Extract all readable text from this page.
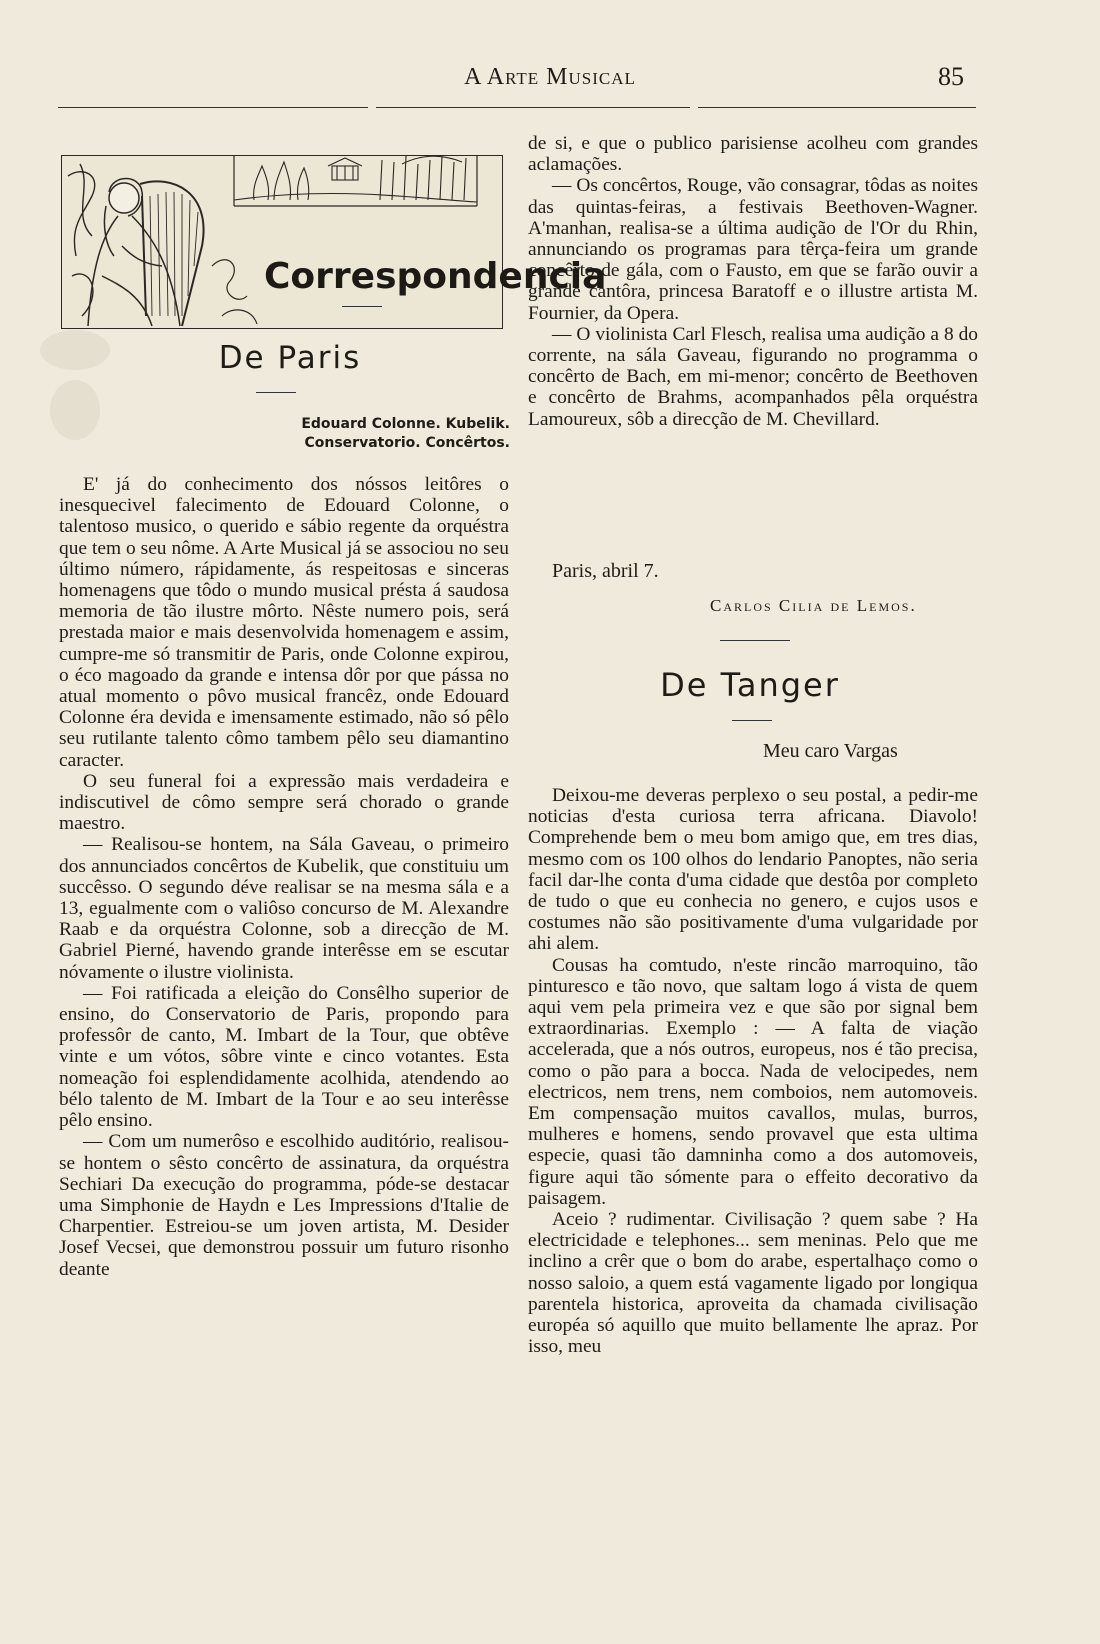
A Arte Musical	85
Correspondencia
De Paris
Edouard Colonne. Kubelik.
Conservatorio. Concêrtos.

E' já do conhecimento dos nóssos leitôres o inesquecivel falecimento de Edouard Colonne, o talentoso musico, o querido e sábio regente da orquéstra que tem o seu nôme. A Arte Musical já se associou no seu último número, rápidamente, ás respeitosas e sinceras homenagens que tôdo o mundo musical présta á saudosa memoria de tão ilustre môrto. Nêste numero pois, será prestada maior e mais desenvolvida homenagem e assim, cumpre-me só transmitir de Paris, onde Colonne expirou, o éco magoado da grande e intensa dôr por que pássa no atual momento o pôvo musical francêz, onde Edouard Colonne éra devida e imensamente estimado, não só pêlo seu rutilante talento cômo tambem pêlo seu diamantino caracter.

O seu funeral foi a expressão mais verdadeira e indiscutivel de cômo sempre será chorado o grande maestro.

— Realisou-se hontem, na Sála Gaveau, o primeiro dos annunciados concêrtos de Kubelik, que constituiu um succêsso. O segundo déve realisar se na mesma sála e a 13, egualmente com o valiôso concurso de M. Alexandre Raab e da orquéstra Colonne, sob a direcção de M. Gabriel Pierné, havendo grande interêsse em se escutar nóvamente o ilustre violinista.

— Foi ratificada a eleição do Consêlho superior de ensino, do Conservatorio de Paris, propondo para professôr de canto, M. Imbart de la Tour, que obtêve vinte e um vótos, sôbre vinte e cinco votantes. Esta nomeação foi esplendidamente acolhida, atendendo ao bélo talento de M. Imbart de la Tour e ao seu interêsse pêlo ensino.

— Com um numerôso e escolhido auditório, realisou-se hontem o sêsto concêrto de assinatura, da orquéstra Sechiari Da execução do programma, póde-se destacar uma Simphonie de Haydn e Les Impressions d'Italie de Charpentier. Estreiou-se um joven artista, M. Desider Josef Vecsei, que demonstrou possuir um futuro risonho deante

de si, e que o publico parisiense acolheu com grandes aclamações.

— Os concêrtos, Rouge, vão consagrar, tôdas as noites das quintas-feiras, a festivais Beethoven-Wagner. A'manhan, realisa-se a última audição de l'Or du Rhin, annunciando os programas para têrça-feira um grande concêrto de gála, com o Fausto, em que se farão ouvir a grande cantôra, princesa Baratoff e o illustre artista M. Fournier, da Opera.

— O violinista Carl Flesch, realisa uma audição a 8 do corrente, na sála Gaveau, figurando no programma o concêrto de Bach, em mi-menor; concêrto de Beethoven e concêrto de Brahms, acompanhados pêla orquéstra Lamoureux, sôb a direcção de M. Chevillard.

Paris, abril 7.
Carlos Cilia de Lemos.
De Tanger
Meu caro Vargas

Deixou-me deveras perplexo o seu postal, a pedir-me noticias d'esta curiosa terra africana. Diavolo! Comprehende bem o meu bom amigo que, em tres dias, mesmo com os 100 olhos do lendario Panoptes, não seria facil dar-lhe conta d'uma cidade que destôa por completo de tudo o que eu conhecia no genero, e cujos usos e costumes não são positivamente d'uma vulgaridade por ahi alem.

Cousas ha comtudo, n'este rincão marroquino, tão pinturesco e tão novo, que saltam logo á vista de quem aqui vem pela primeira vez e que são por signal bem extraordinarias. Exemplo : — A falta de viação accelerada, que a nós outros, europeus, nos é tão precisa, como o pão para a bocca. Nada de velocipedes, nem electricos, nem trens, nem comboios, nem automoveis. Em compensação muitos cavallos, mulas, burros, mulheres e homens, sendo provavel que esta ultima especie, quasi tão damninha como a dos automoveis, figure aqui tão sómente para o effeito decorativo da paisagem.

Aceio ? rudimentar. Civilisação ? quem sabe ? Ha electricidade e telephones... sem meninas. Pelo que me inclino a crêr que o bom do arabe, espertalhaço como o nosso saloio, a quem está vagamente ligado por longiqua parentela historica, aproveita da chamada civilisação européa só aquillo que muito bellamente lhe apraz. Por isso, meu
